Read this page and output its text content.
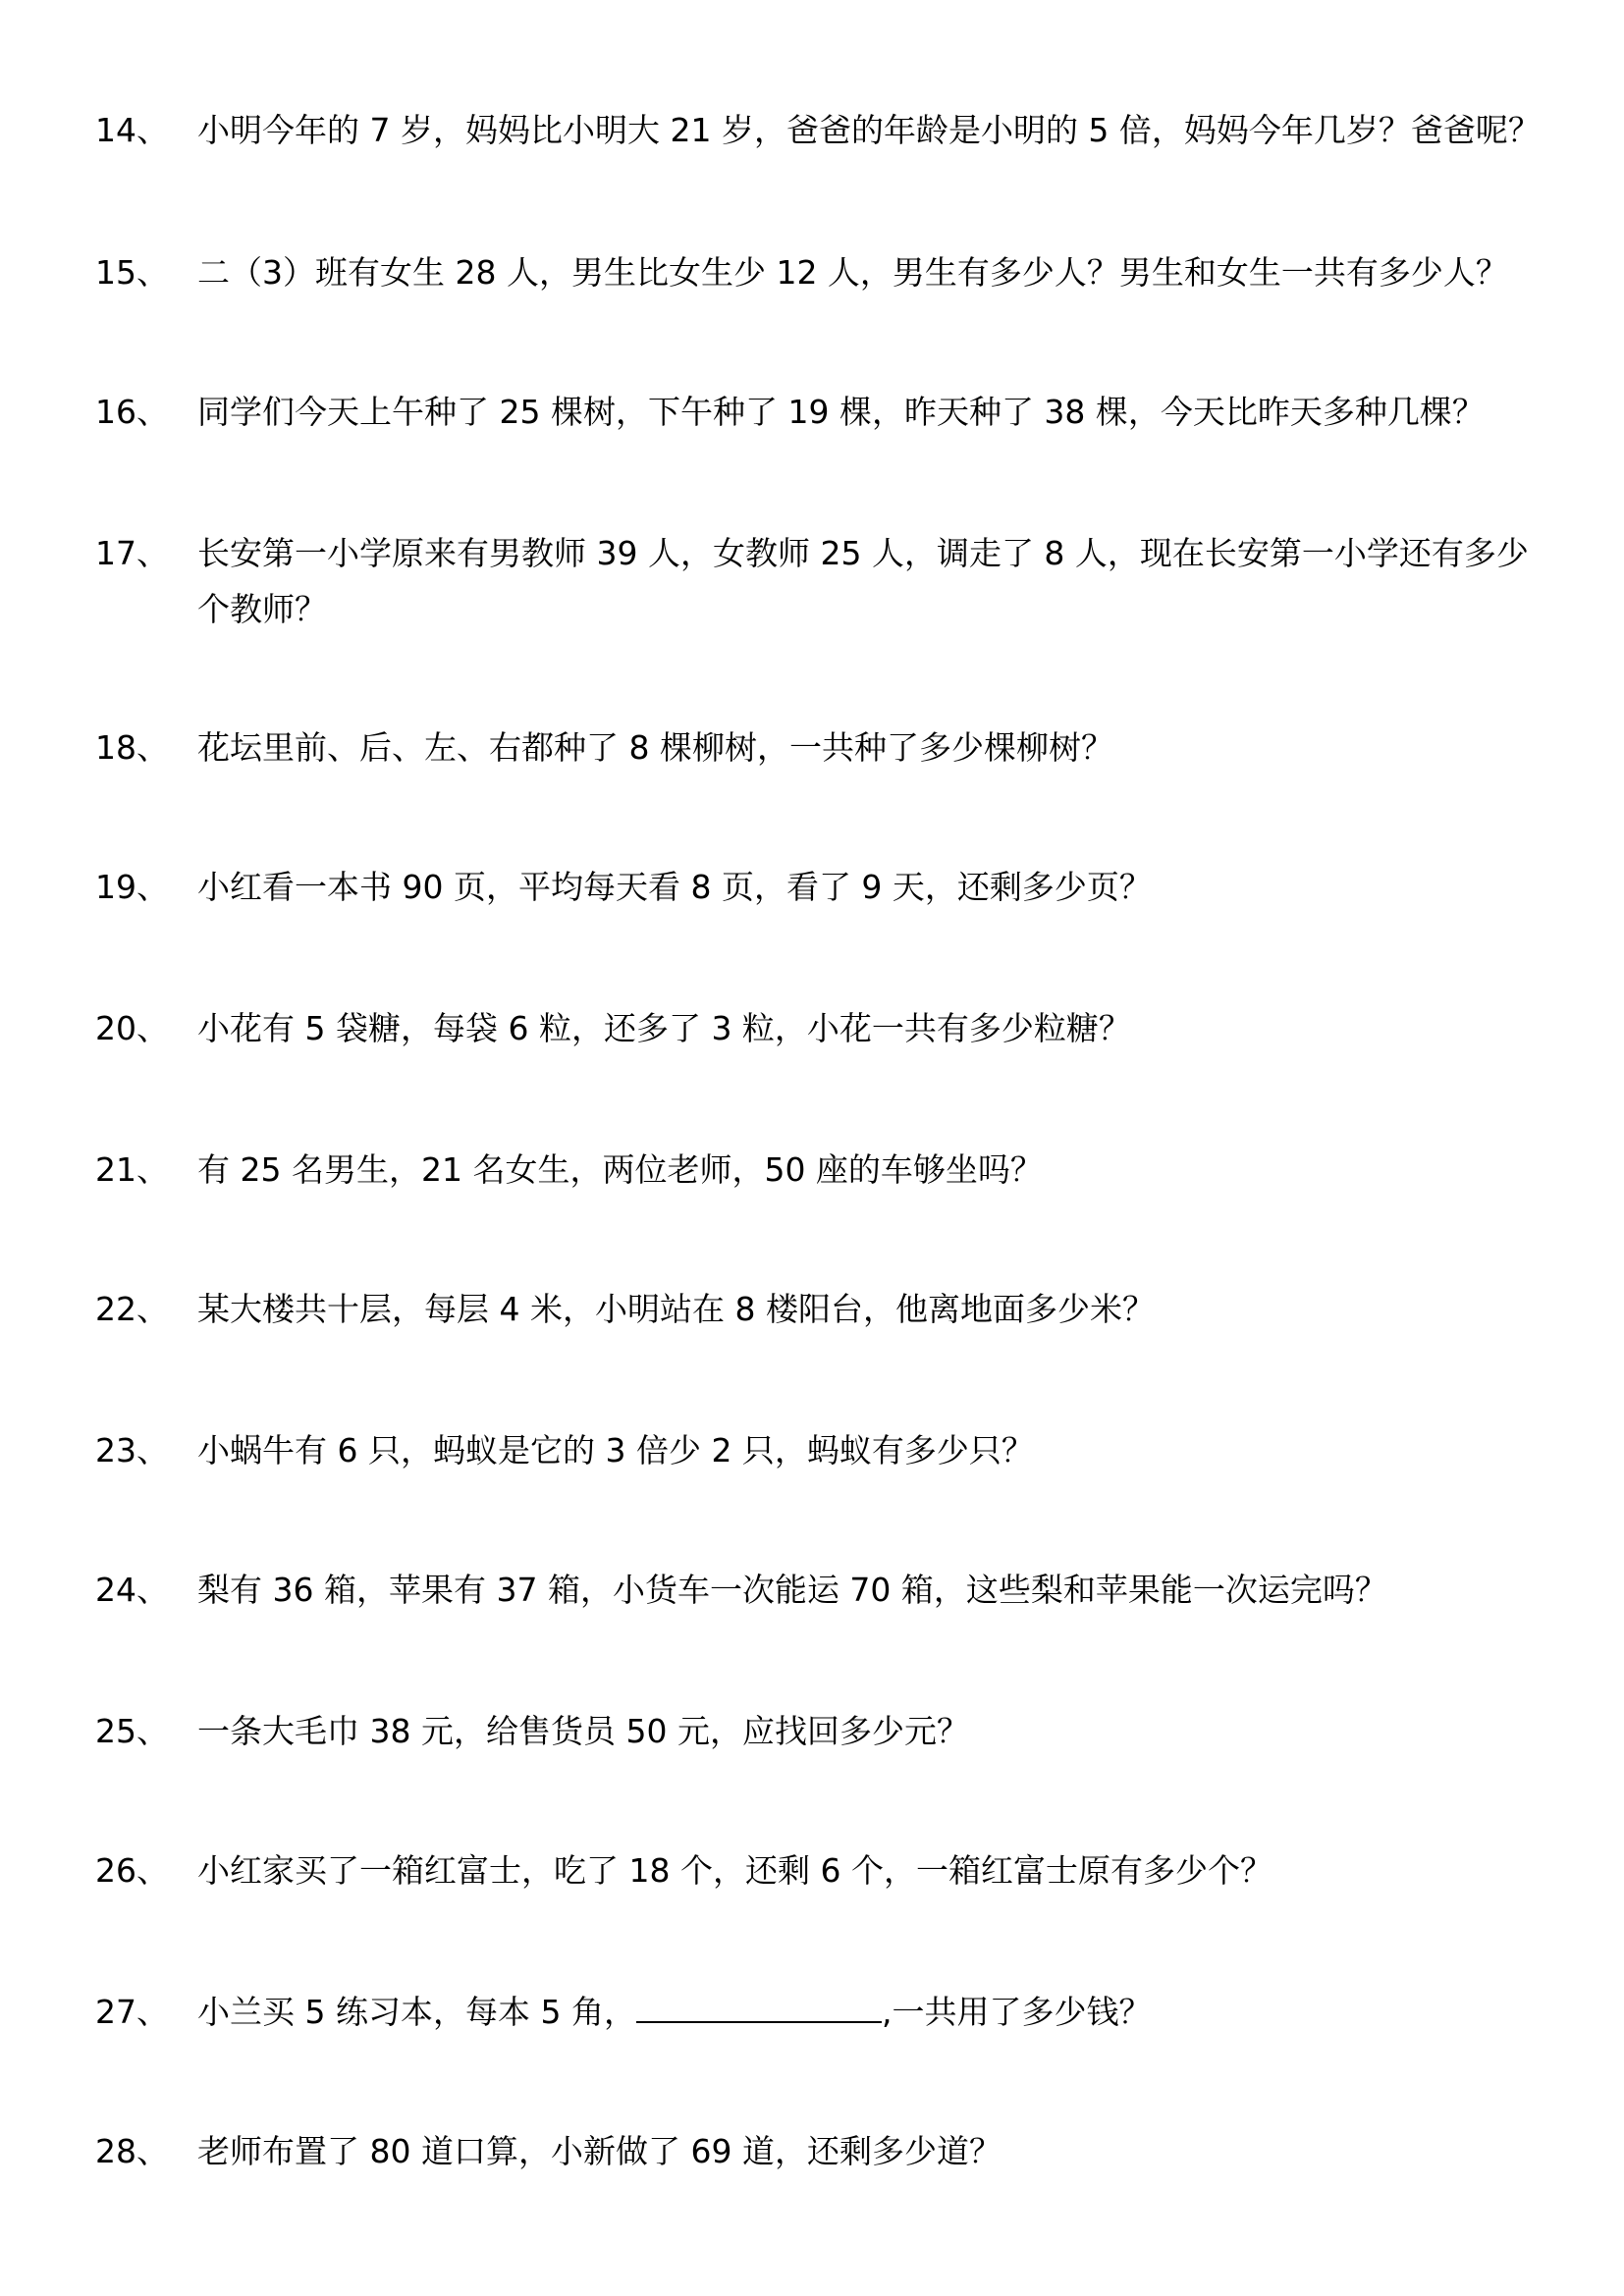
14、 小明今年的 7 岁，妈妈比小明大 21 岁，爸爸的年龄是小明的 5 倍，妈妈今年几岁？爸爸呢？
15、 二（3）班有女生 28 人，男生比女生少 12 人，男生有多少人？男生和女生一共有多少人？
16、 同学们今天上午种了 25 棵树，下午种了 19 棵，昨天种了 38 棵，今天比昨天多种几棵？
17、 长安第一小学原来有男教师 39 人，女教师 25 人，调走了 8 人，现在长安第一小学还有多少
个教师？
18、 花坛里前、后、左、右都种了 8 棵柳树，一共种了多少棵柳树？
19、 小红看一本书 90 页，平均每天看 8 页，看了 9 天，还剩多少页？
20、 小花有 5 袋糖，每袋 6 粒，还多了 3 粒，小花一共有多少粒糖？
21、 有 25 名男生，21 名女生，两位老师，50 座的车够坐吗？
22、 某大楼共十层，每层 4 米，小明站在 8 楼阳台，他离地面多少米？
23、 小蜗牛有 6 只，蚂蚁是它的 3 倍少 2 只，蚂蚁有多少只？
24、 梨有 36 箱，苹果有 37 箱，小货车一次能运 70 箱，这些梨和苹果能一次运完吗？
25、 一条大毛巾 38 元，给售货员 50 元，应找回多少元？
26、 小红家买了一箱红富士，吃了 18 个，还剩 6 个，一箱红富士原有多少个？
27、 小兰买 5 练习本，每本 5 角，	,一共用了多少钱？
28、 老师布置了 80 道口算，小新做了 69 道，还剩多少道？
